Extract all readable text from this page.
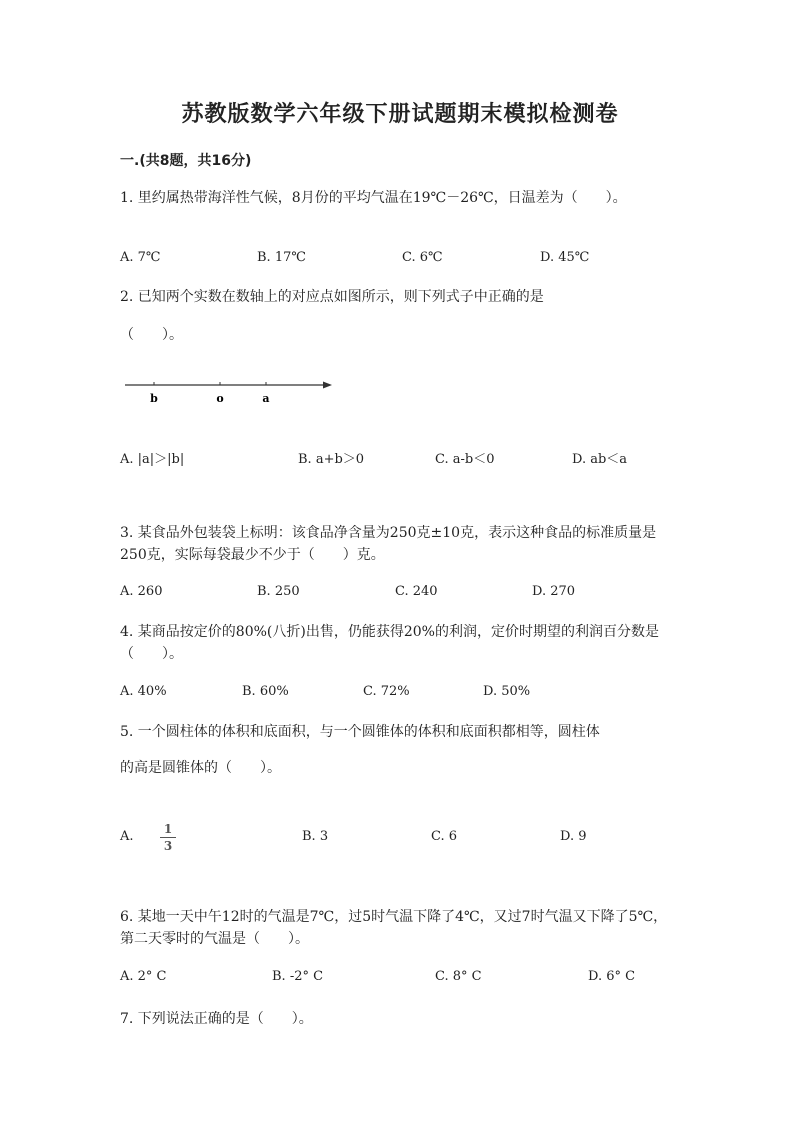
苏教版数学六年级下册试题期末模拟检测卷
一.(共8题，共16分)
1. 里约属热带海洋性气候，8月份的平均气温在19℃－26℃，日温差为（　　）。
A. 7℃	B. 17℃	C. 6℃	D. 45℃
2. 已知两个实数在数轴上的对应点如图所示，则下列式子中正确的是
（　　）。
b	o	a
A. |a|＞|b|	B. a+b＞0	C. a-b＜0	D. ab＜a
3. 某食品外包装袋上标明：该食品净含量为250克±10克，表示这种食品的标准质量是250克，实际每袋最少不少于（　　）克。
A. 260	B. 250	C. 240	D. 270
4. 某商品按定价的80%(八折)出售，仍能获得20%的利润，定价时期望的利润百分数是（　　）。
A. 40%	B. 60%	C. 72%	D. 50%
5. 一个圆柱体的体积和底面积，与一个圆锥体的体积和底面积都相等，圆柱体
的高是圆锥体的（　　）。
A.	1
3
B. 3	C. 6	D. 9
6. 某地一天中午12时的气温是7℃，过5时气温下降了4℃，又过7时气温又下降了5℃，第二天零时的气温是（　　）。
A. 2° C	B. -2° C	C. 8° C	D. 6° C
7. 下列说法正确的是（　　）。
